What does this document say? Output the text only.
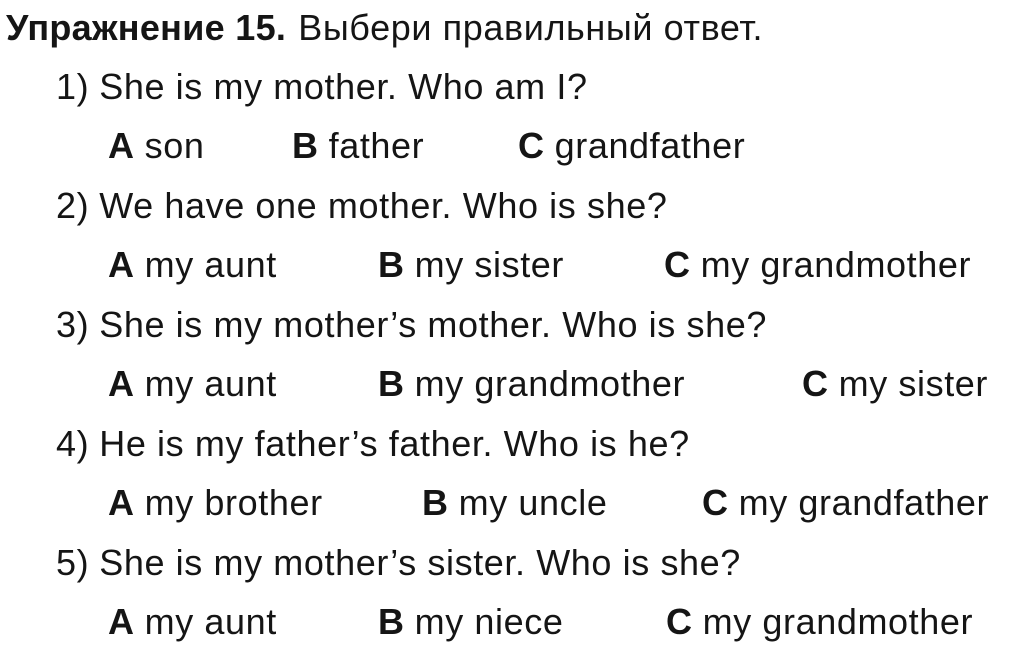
Упражнение 15. Выбери правильный ответ.
1) She is my mother. Who am I?
A son B father	C grandfather
2) We have one mother. Who is she?
A my aunt	B my sister	C my grandmother
3) She is my mother’s mother. Who is she?
A my aunt	B my grandmother	C my sister
4) He is my father’s father. Who is he?
A my brother	B my uncle	C my grandfather
5) She is my mother’s sister. Who is she?
A my aunt	B my niece	C my grandmother
